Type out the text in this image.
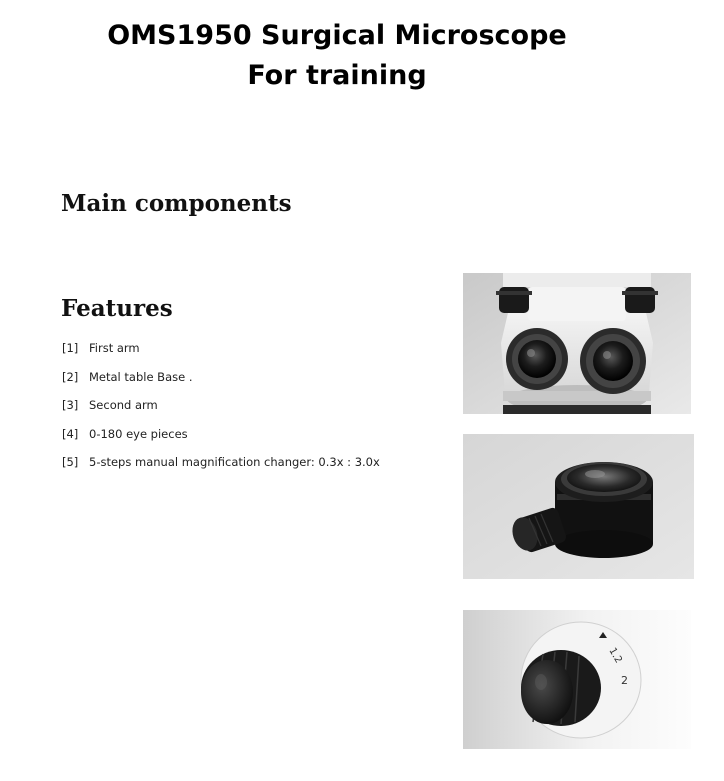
OMS1950 Surgical Microscope
For training
Main components
Features
[1] First arm
[2] Metal table Base .
[3] Second arm
[4] 0-180 eye pieces
[5] 5-steps manual magnification changer: 0.3x : 3.0x
1.2
2
